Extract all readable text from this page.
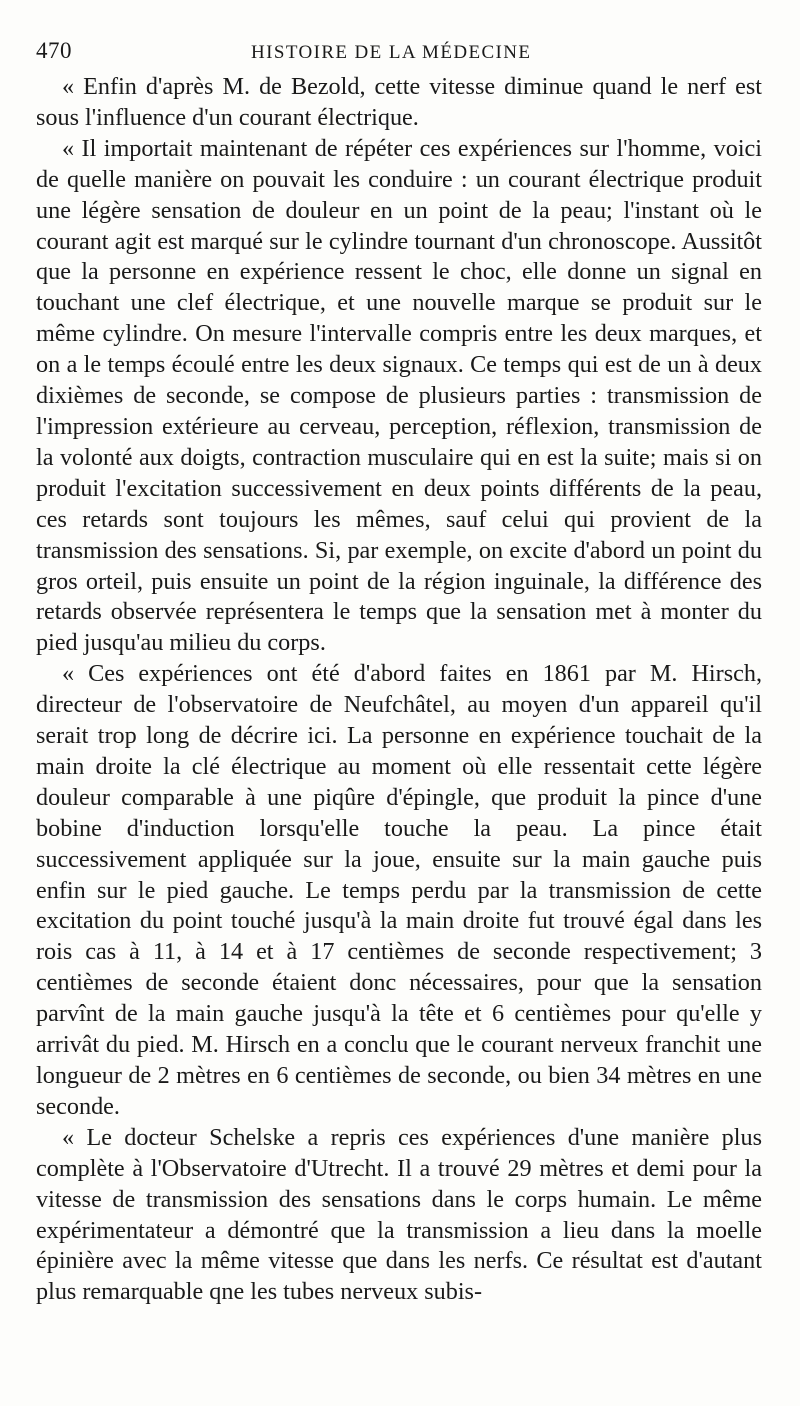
470	HISTOIRE DE LA MÉDECINE

« Enfin d'après M. de Bezold, cette vitesse diminue quand le nerf est sous l'influence d'un courant électrique.

« Il importait maintenant de répéter ces expériences sur l'homme, voici de quelle manière on pouvait les conduire : un courant électrique produit une légère sensation de douleur en un point de la peau; l'instant où le courant agit est marqué sur le cylindre tournant d'un chronoscope. Aussitôt que la personne en expérience ressent le choc, elle donne un signal en touchant une clef électrique, et une nouvelle marque se produit sur le même cylindre. On mesure l'intervalle compris entre les deux marques, et on a le temps écoulé entre les deux signaux. Ce temps qui est de un à deux dixièmes de seconde, se compose de plusieurs parties : transmission de l'impression extérieure au cerveau, perception, réflexion, transmission de la volonté aux doigts, contraction musculaire qui en est la suite; mais si on produit l'excitation successivement en deux points différents de la peau, ces retards sont toujours les mêmes, sauf celui qui provient de la transmission des sensations. Si, par exemple, on excite d'abord un point du gros orteil, puis ensuite un point de la région inguinale, la différence des retards observée représentera le temps que la sensation met à monter du pied jusqu'au milieu du corps.

« Ces expériences ont été d'abord faites en 1861 par M. Hirsch, directeur de l'observatoire de Neufchâtel, au moyen d'un appareil qu'il serait trop long de décrire ici. La personne en expérience touchait de la main droite la clé électrique au moment où elle ressentait cette légère douleur comparable à une piqûre d'épingle, que produit la pince d'une bobine d'induction lorsqu'elle touche la peau. La pince était successivement appliquée sur la joue, ensuite sur la main gauche puis enfin sur le pied gauche. Le temps perdu par la transmission de cette excitation du point touché jusqu'à la main droite fut trouvé égal dans les rois cas à 11, à 14 et à 17 centièmes de seconde respectivement; 3 centièmes de seconde étaient donc nécessaires, pour que la sensation parvînt de la main gauche jusqu'à la tête et 6 centièmes pour qu'elle y arrivât du pied. M. Hirsch en a conclu que le courant nerveux franchit une longueur de 2 mètres en 6 centièmes de seconde, ou bien 34 mètres en une seconde.

« Le docteur Schelske a repris ces expériences d'une manière plus complète à l'Observatoire d'Utrecht. Il a trouvé 29 mètres et demi pour la vitesse de transmission des sensations dans le corps humain. Le même expérimentateur a démontré que la transmission a lieu dans la moelle épinière avec la même vitesse que dans les nerfs. Ce résultat est d'autant plus remarquable qne les tubes nerveux subis-
